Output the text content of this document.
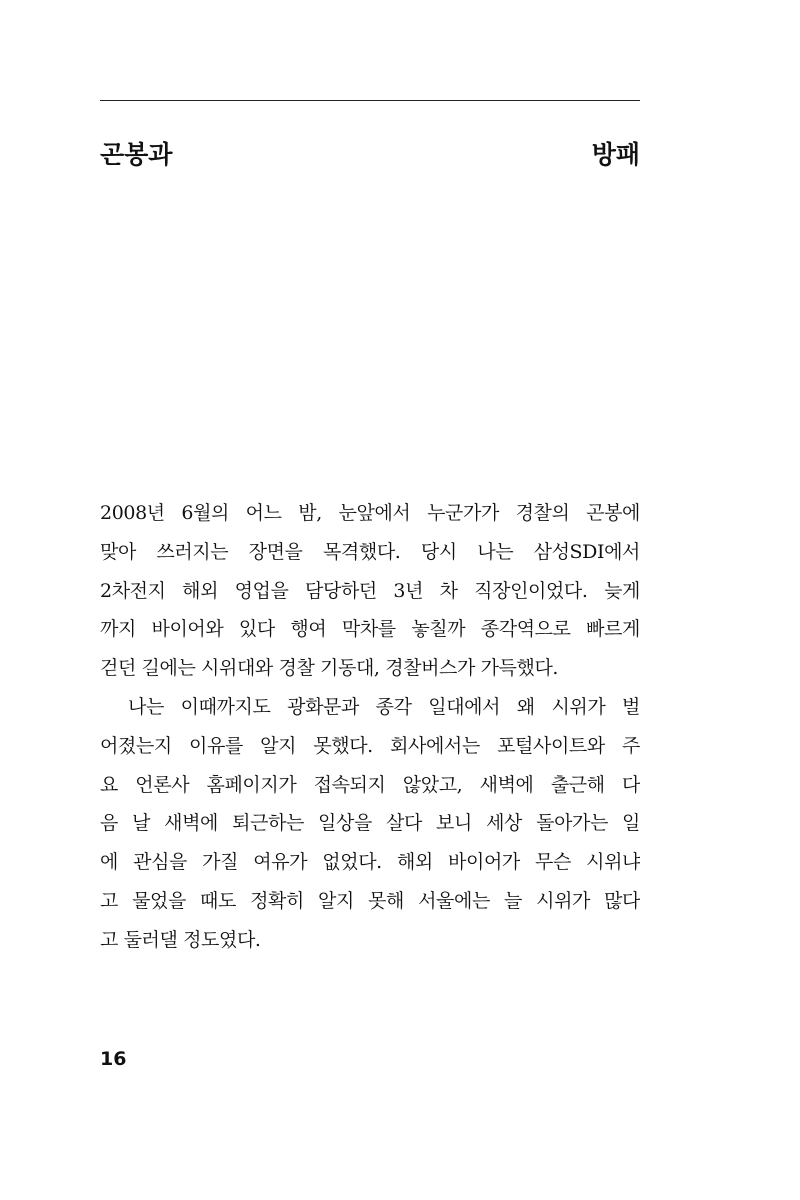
곤봉과	방패
2008년 6월의 어느 밤, 눈앞에서 누군가가 경찰의 곤봉에
맞아 쓰러지는 장면을 목격했다. 당시 나는 삼성SDI에서
2차전지 해외 영업을 담당하던 3년 차 직장인이었다. 늦게
까지 바이어와 있다 행여 막차를 놓칠까 종각역으로 빠르게
걷던 길에는 시위대와 경찰 기동대, 경찰버스가 가득했다.
나는 이때까지도 광화문과 종각 일대에서 왜 시위가 벌
어졌는지 이유를 알지 못했다. 회사에서는 포털사이트와 주
요 언론사 홈페이지가 접속되지 않았고, 새벽에 출근해 다
음 날 새벽에 퇴근하는 일상을 살다 보니 세상 돌아가는 일
에 관심을 가질 여유가 없었다. 해외 바이어가 무슨 시위냐
고 물었을 때도 정확히 알지 못해 서울에는 늘 시위가 많다
고 둘러댈 정도였다.
16
